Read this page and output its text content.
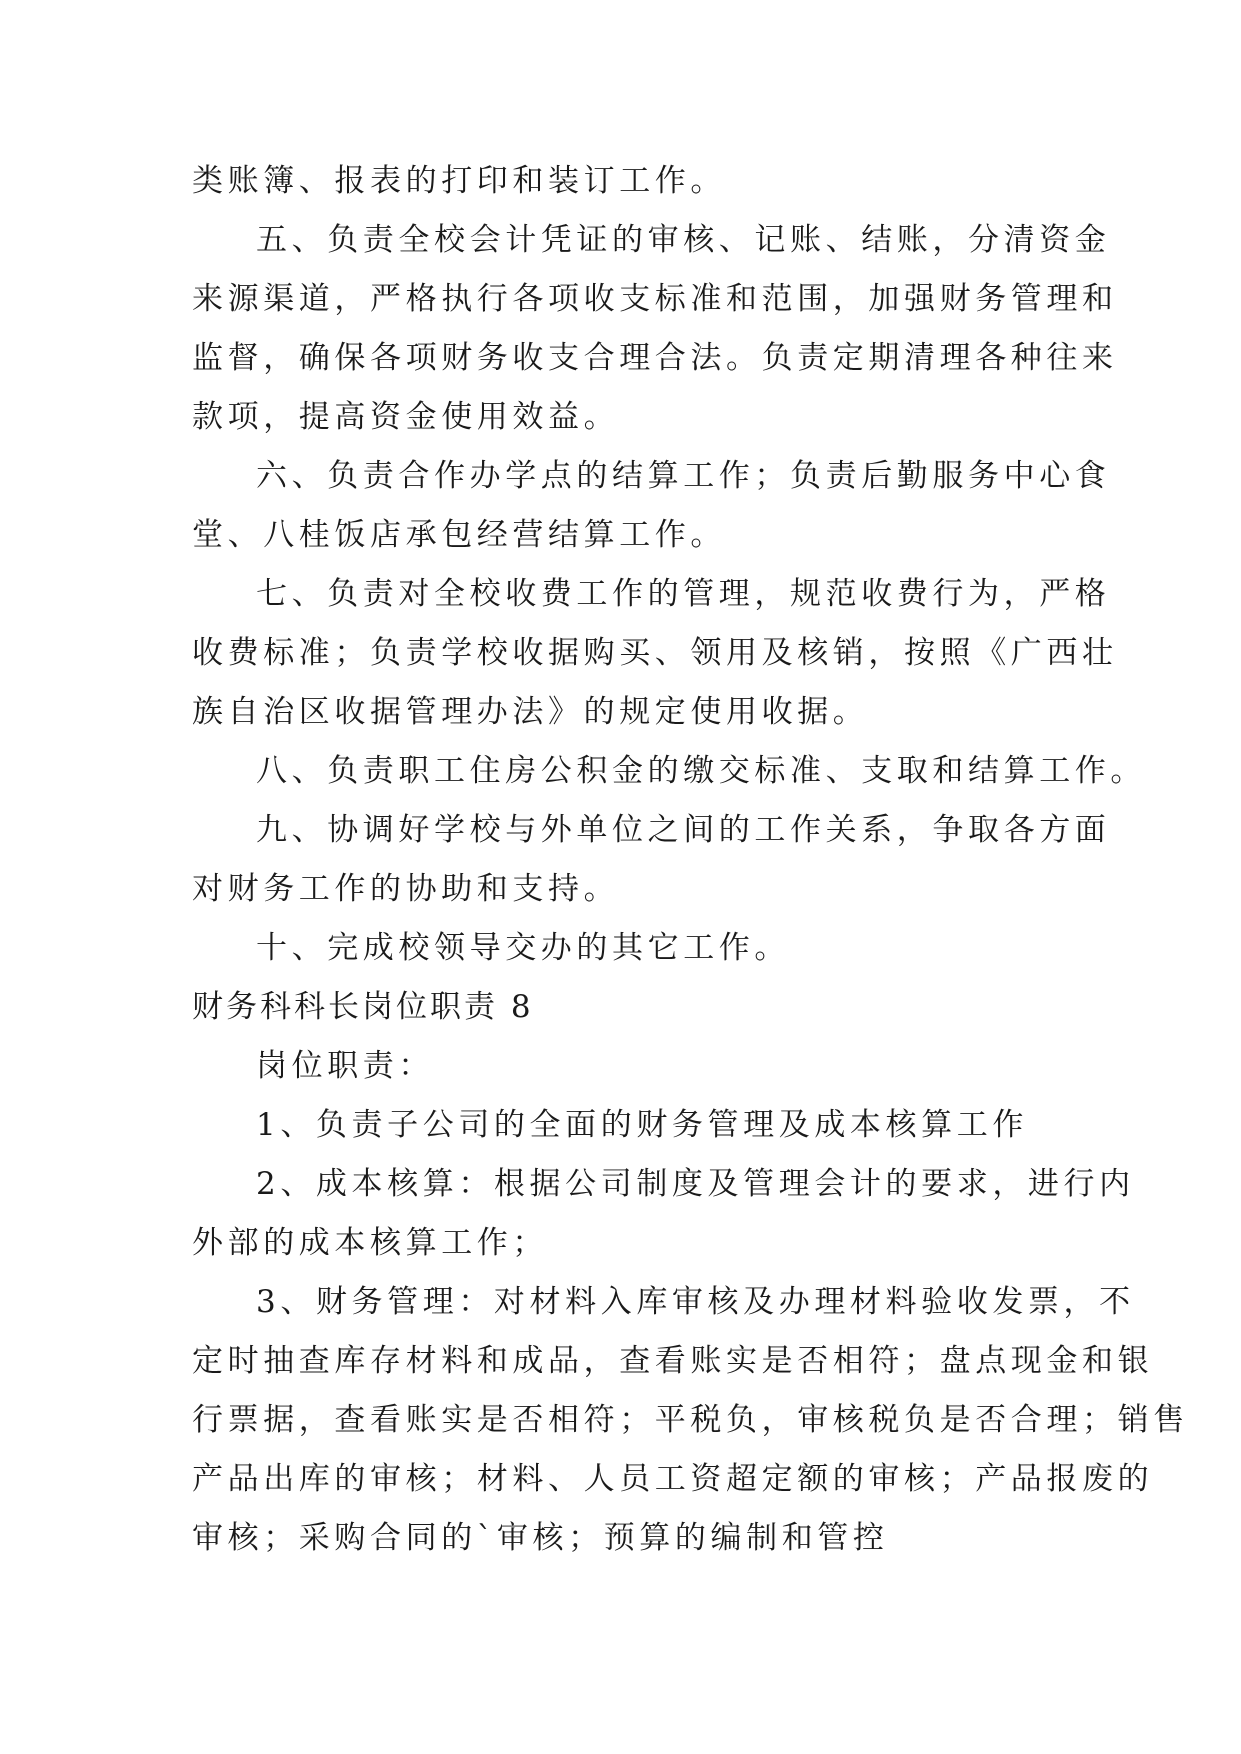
类账簿、报表的打印和装订工作。
五、负责全校会计凭证的审核、记账、结账，分清资金
来源渠道，严格执行各项收支标准和范围，加强财务管理和
监督，确保各项财务收支合理合法。负责定期清理各种往来
款项，提高资金使用效益。
六、负责合作办学点的结算工作；负责后勤服务中心食
堂、八桂饭店承包经营结算工作。
七、负责对全校收费工作的管理，规范收费行为，严格
收费标准；负责学校收据购买、领用及核销，按照《广西壮
族自治区收据管理办法》的规定使用收据。
八、负责职工住房公积金的缴交标准、支取和结算工作。
九、协调好学校与外单位之间的工作关系，争取各方面
对财务工作的协助和支持。
十、完成校领导交办的其它工作。
财务科科长岗位职责 8
岗位职责：
1、负责子公司的全面的财务管理及成本核算工作
2、成本核算：根据公司制度及管理会计的要求，进行内
外部的成本核算工作；
3、财务管理：对材料入库审核及办理材料验收发票，不
定时抽查库存材料和成品，查看账实是否相符；盘点现金和银
行票据，查看账实是否相符；平税负，审核税负是否合理；销售
产品出库的审核；材料、人员工资超定额的审核；产品报废的
审核；采购合同的`审核；预算的编制和管控
